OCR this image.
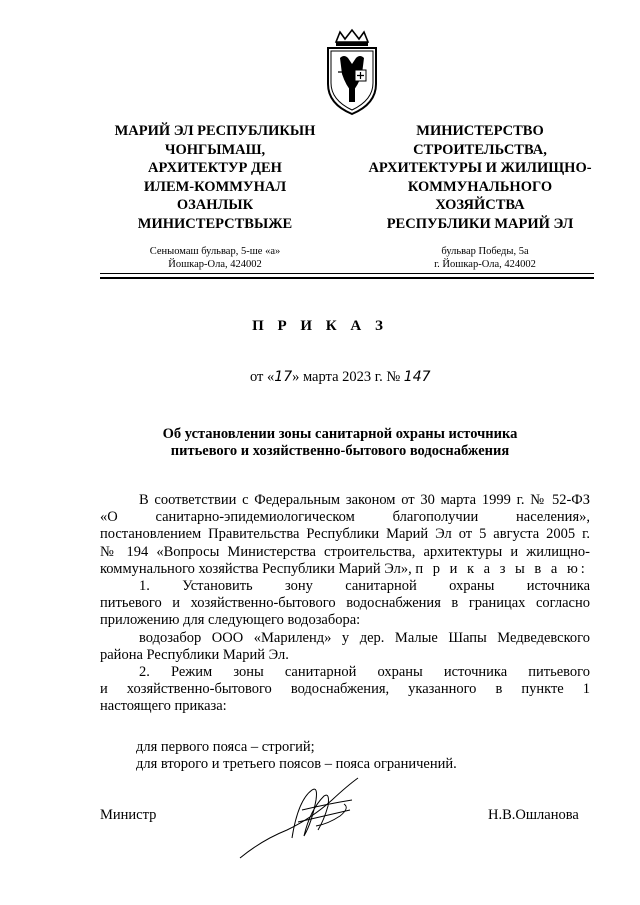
МАРИЙ ЭЛ РЕСПУБЛИКЫН
ЧОНГЫМАШ,
АРХИТЕКТУР ДЕН
ИЛЕМ-КОММУНАЛ
ОЗАНЛЫК
МИНИСТЕРСТВЫЖЕ
МИНИСТЕРСТВО
СТРОИТЕЛЬСТВА,
АРХИТЕКТУРЫ И ЖИЛИЩНО-
КОММУНАЛЬНОГО
ХОЗЯЙСТВА
РЕСПУБЛИКИ МАРИЙ ЭЛ
Сеныомаш бульвар, 5-ше «а»
Йошкар-Ола, 424002
бульвар Победы, 5а
г. Йошкар-Ола, 424002
П Р И К А З
от «17» марта 2023 г. № 147
Об установлении зоны санитарной охраны источника
питьевого и хозяйственно-бытового водоснабжения

В соответствии с Федеральным законом от 30 марта 1999 г. № 52-ФЗ

«О санитарно-эпидемиологическом благополучии населения»,

постановлением Правительства Республики Марий Эл от 5 августа 2005 г.

№ 194 «Вопросы Министерства строительства, архитектуры и жилищно-

коммунального хозяйства Республики Марий Эл», п р и к а з ы в а ю:

1. Установить зону санитарной охраны источника

питьевого и хозяйственно-бытового водоснабжения в границах согласно

приложению для следующего водозабора:

водозабор ООО «Мариленд» у дер. Малые Шапы Медведевского

района Республики Марий Эл.

2. Режим зоны санитарной охраны источника питьевого

и хозяйственно-бытового водоснабжения, указанного в пункте 1

настоящего приказа:

для первого пояса – строгий;

для второго и третьего поясов – пояса ограничений.

Министр	Н.В.Ошланова
